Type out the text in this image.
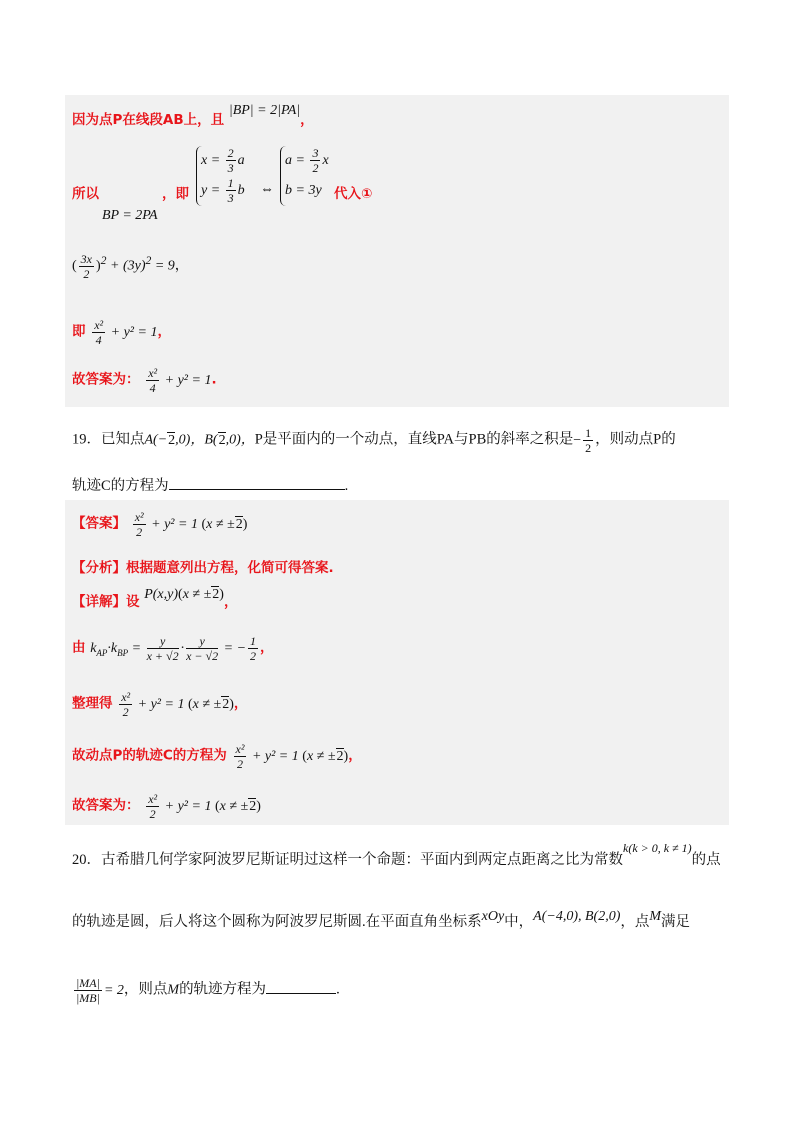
因为点P在线段AB上，且 |BP| = 2|PA|，
所以
BP = 2PA
，即
$x = \frac{2}{3}$ a
$y = \frac{1}{3}$ b ⇔
$a = \frac{3}{2}$ x
b = 3y 代入①
( $\frac{3x}{2} )^2 + (3y)^2 = 9$，
即 $\frac{\text{x²}}{4} + y^2 = 1$，
故答案为： $\frac{\text{x²}}{4} + y^2 = 1$.
19．已知点A(−2,0)，B(2,0)，P是平面内的一个动点，直线PA与PB的斜率之积是− $\frac{1}{2}$ ，则动点P的
轨迹C的方程为	.
【答案】 $\frac{\text{x²}}{2} + y^2 = 1$ (x ≠ ±2)
【分析】根据题意列出方程，化简可得答案.
【详解】设 P(x,y)(x ≠ ±2)，
由 $k_{AP}\cdot k_{BP} = \frac{y}{x + √2} \cdot \frac{y}{x - √2}$ = − $\frac{1}{2}$ ，
整理得 $\frac{\text{x²}}{2} + y^2 = 1$ (x ≠ ±2)，
故动点P的轨迹C的方程为 $\frac{\text{x²}}{2} + y^2 = 1$ (x ≠ ±2)，
故答案为： $\frac{\text{x²}}{2} + y^2 = 1$ (x ≠ ±2)
20．古希腊几何学家阿波罗尼斯证明过这样一个命题：平面内到两定点距离之比为常数$^{k(k > 0, k \ne 1)}$的点
的轨迹是圆，后人将这个圆称为阿波罗尼斯圆.在平面直角坐标系xOy中，A(−4,0), B(2,0)，点M满足
$\frac{|MA|}{|MB|} = 2$，则点M的轨迹方程为	.
